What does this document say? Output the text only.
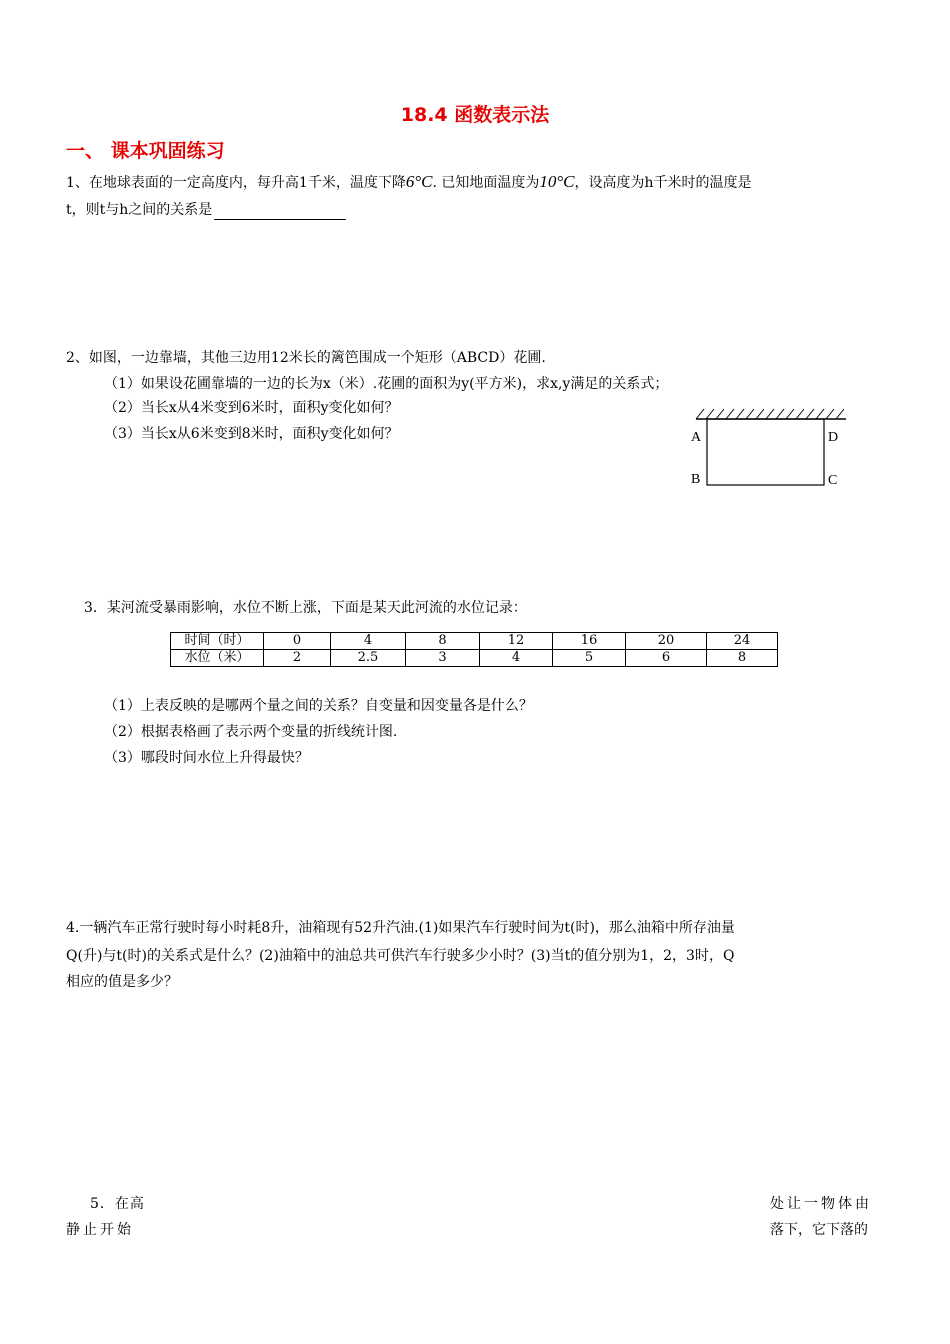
18.4 函数表示法
一、 课本巩固练习
1、在地球表面的一定高度内，每升高1千米，温度下降6°C. 已知地面温度为10°C，设高度为h千米时的温度是
t，则t与h之间的关系是
2、如图，一边靠墙，其他三边用12米长的篱笆围成一个矩形（ABCD）花圃.
（1）如果设花圃靠墙的一边的长为x（米）.花圃的面积为y(平方米)，求x,y满足的关系式；
（2）当长x从4米变到6米时，面积y变化如何？
（3）当长x从6米变到8米时，面积y变化如何？	A	D
B	C
3．某河流受暴雨影响，水位不断上涨，下面是某天此河流的水位记录：
时间（时）	0	4	8	12	16	20	24
水位（米）	2	2.5	3	4	5	6	8
（1）上表反映的是哪两个量之间的关系？自变量和因变量各是什么？
（2）根据表格画了表示两个变量的折线统计图.
（3）哪段时间水位上升得最快？
4.一辆汽车正常行驶时每小时耗8升，油箱现有52升汽油.(1)如果汽车行驶时间为t(时)，那么油箱中所存油量
Q(升)与t(时)的关系式是什么？(2)油箱中的油总共可供汽车行驶多少小时？(3)当t的值分别为1，2，3时，Q
相应的值是多少？
5．在高
静止开始
处让一物体由
落下，它下落的
